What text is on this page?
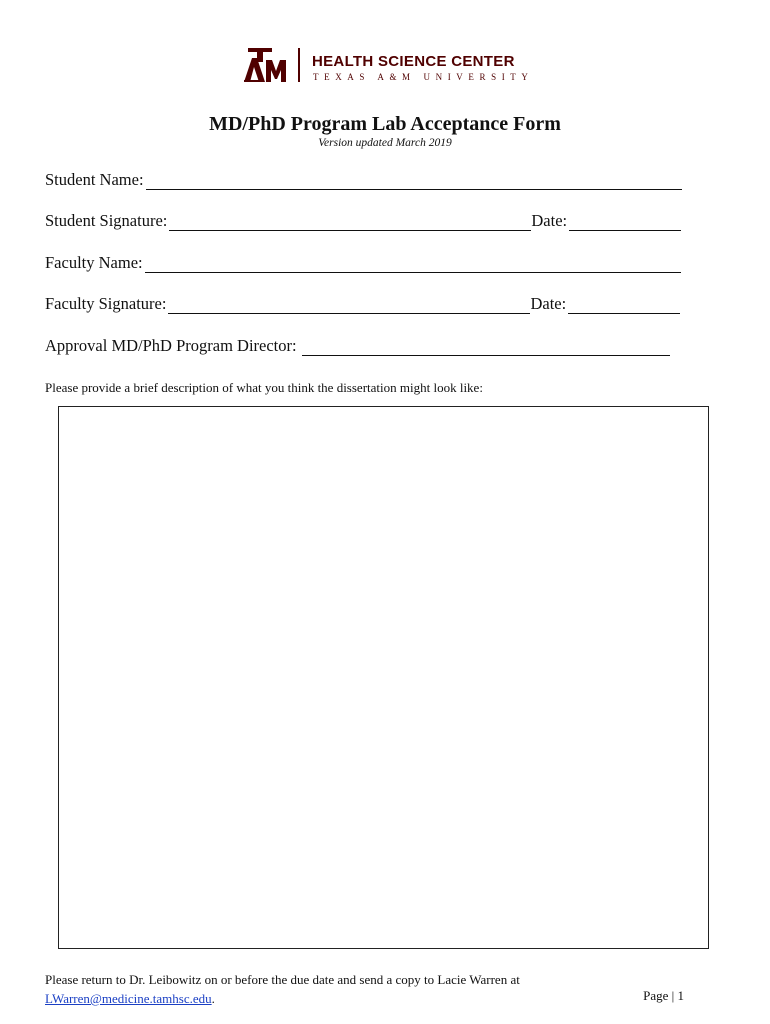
HEALTH SCIENCE CENTER
TEXAS A&M UNIVERSITY
MD/PhD Program Lab Acceptance Form
Version updated March 2019
Student Name:
Student Signature:	Date:
Faculty Name:
Faculty Signature:	Date:
Approval MD/PhD Program Director:
Please provide a brief description of what you think the dissertation might look like:
Please return to Dr. Leibowitz on or before the due date and send a copy to Lacie Warren at
LWarren@medicine.tamhsc.edu.	Page | 1
